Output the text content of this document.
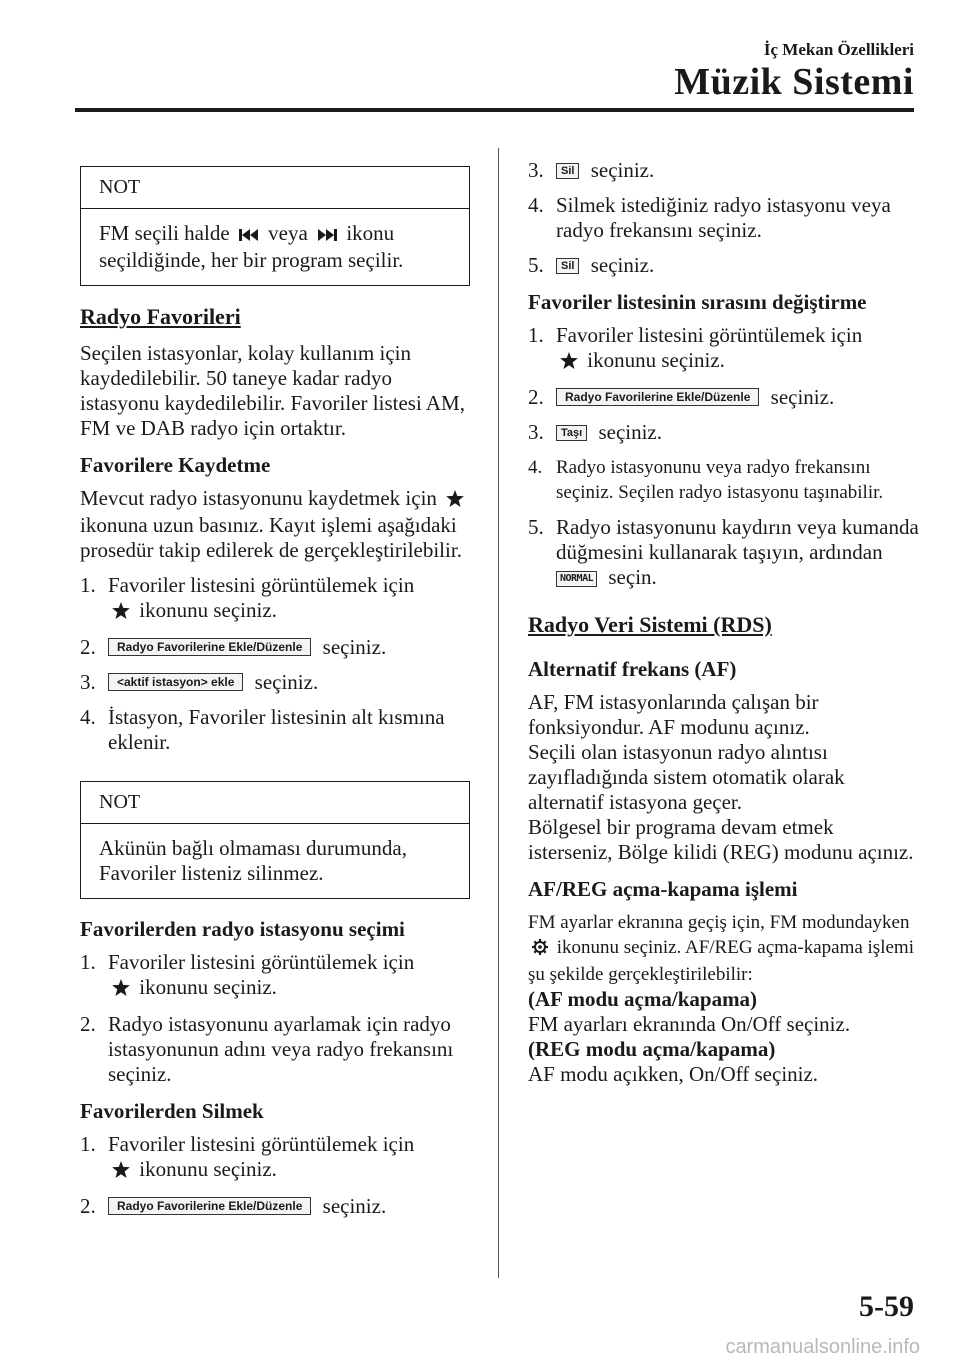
İç Mekan Özellikleri
Müzik Sistemi
NOT
FM seçili halde veya ikonu seçildiğinde, her bir program seçilir.
Radyo Favorileri
Seçilen istasyonlar, kolay kullanım için kaydedilebilir. 50 taneye kadar radyo istasyonu kaydedilebilir. Favoriler listesi AM, FM ve DAB radyo için ortaktır.
Favorilere Kaydetme
Mevcut radyo istasyonunu kaydetmek için  ikonuna uzun basınız. Kayıt işlemi aşağıdaki prosedür takip edilerek de gerçekleştirilebilir.
1. Favoriler listesini görüntülemek için
ikonunu seçiniz.
2. Radyo Favorilerine Ekle/Düzenle seçiniz.
3. <aktif istasyon> ekle seçiniz.
4. İstasyon, Favoriler listesinin alt kısmına eklenir.
NOT
Akünün bağlı olmaması durumunda, Favoriler listeniz silinmez.
Favorilerden radyo istasyonu seçimi
1. Favoriler listesini görüntülemek için
ikonunu seçiniz.
2. Radyo istasyonunu ayarlamak için radyo istasyonunun adını veya radyo frekansını seçiniz.
Favorilerden Silmek
1. Favoriler listesini görüntülemek için
ikonunu seçiniz.
2. Radyo Favorilerine Ekle/Düzenle seçiniz.
3. Sil seçiniz.
4. Silmek istediğiniz radyo istasyonu veya radyo frekansını seçiniz.
5. Sil seçiniz.
Favoriler listesinin sırasını değiştirme
1. Favoriler listesini görüntülemek için
ikonunu seçiniz.
2. Radyo Favorilerine Ekle/Düzenle seçiniz.
3. Taşı seçiniz.
4. Radyo istasyonunu veya radyo frekansını seçiniz. Seçilen radyo istasyonu taşınabilir.
5. Radyo istasyonunu kaydırın veya kumanda düğmesini kullanarak taşıyın, ardından NORMAL seçin.
Radyo Veri Sistemi (RDS)
Alternatif frekans (AF)
AF, FM istasyonlarında çalışan bir fonksiyondur. AF modunu açınız.
Seçili olan istasyonun radyo alıntısı zayıfladığında sistem otomatik olarak alternatif istasyona geçer.
Bölgesel bir programa devam etmek isterseniz, Bölge kilidi (REG) modunu açınız.
AF/REG açma-kapama işlemi
FM ayarlar ekranına geçiş için, FM modundayken  ikonunu seçiniz. AF/REG açma-kapama işlemi şu şekilde gerçekleştirilebilir:
(AF modu açma/kapama)
FM ayarları ekranında On/Off seçiniz.
(REG modu açma/kapama)
AF modu açıkken, On/Off seçiniz.
5-59
carmanualsonline.info
